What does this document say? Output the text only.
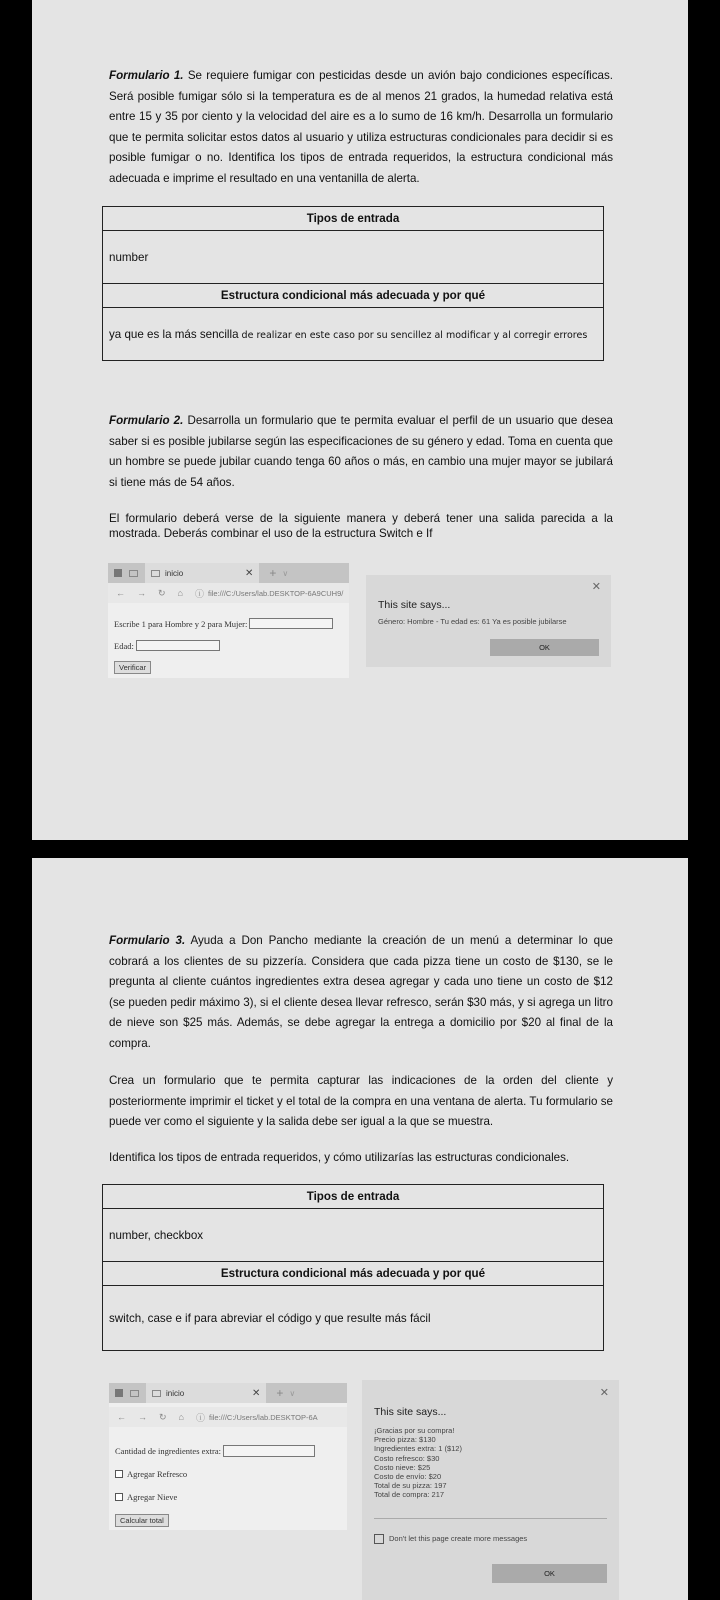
Formulario 1. Se requiere fumigar con pesticidas desde un avión bajo condiciones específicas. Será posible fumigar sólo si la temperatura es de al menos 21 grados, la humedad relativa está entre 15 y 35 por ciento y la velocidad del aire es a lo sumo de 16 km/h. Desarrolla un formulario que te permita solicitar estos datos al usuario y utiliza estructuras condicionales para decidir si es posible fumigar o no. Identifica los tipos de entrada requeridos, la estructura condicional más adecuada e imprime el resultado en una ventanilla de alerta.

Tipos de entrada
number
Estructura condicional más adecuada y por qué
ya que es la más sencilla de realizar en este caso por su sencillez al modificar y al corregir errores

Formulario 2. Desarrolla un formulario que te permita evaluar el perfil de un usuario que desea saber si es posible jubilarse según las especificaciones de su género y edad. Toma en cuenta que un hombre se puede jubilar cuando tenga 60 años o más, en cambio una mujer mayor se jubilará si tiene más de 54 años.

El formulario deberá verse de la siguiente manera y deberá tener una salida parecida a la mostrada. Deberás combinar el uso de la estructura Switch e If

inicio	✕ + ∨
← → ↻ ⌂ ⓘ file:///C:/Users/lab.DESKTOP-6A9CUH9/
Escribe 1 para Hombre y 2 para Mujer:
Edad:
Verificar
✕
This site says...
Género: Hombre - Tu edad es: 61 Ya es posible jubilarse
OK

Formulario 3. Ayuda a Don Pancho mediante la creación de un menú a determinar lo que cobrará a los clientes de su pizzería. Considera que cada pizza tiene un costo de $130, se le pregunta al cliente cuántos ingredientes extra desea agregar y cada uno tiene un costo de $12 (se pueden pedir máximo 3), si el cliente desea llevar refresco, serán $30 más, y si agrega un litro de nieve son $25 más. Además, se debe agregar la entrega a domicilio por $20 al final de la compra.

Crea un formulario que te permita capturar las indicaciones de la orden del cliente y posteriormente imprimir el ticket y el total de la compra en una ventana de alerta. Tu formulario se puede ver como el siguiente y la salida debe ser igual a la que se muestra.

Identifica los tipos de entrada requeridos, y cómo utilizarías las estructuras condicionales.

Tipos de entrada
number, checkbox
Estructura condicional más adecuada y por qué
switch, case e if para abreviar el código y que resulte más fácil
inicio	✕ + ∨
← → ↻ ⌂ ⓘ file:///C:/Users/lab.DESKTOP-6A
Cantidad de ingredientes extra:
Agregar Refresco
Agregar Nieve
Calcular total
✕
This site says...
¡Gracias por su compra!
Precio pizza: $130
Ingredientes extra: 1 ($12)
Costo refresco: $30
Costo nieve: $25
Costo de envío: $20
Total de su pizza: 197
Total de compra: 217
Don't let this page create more messages
OK
